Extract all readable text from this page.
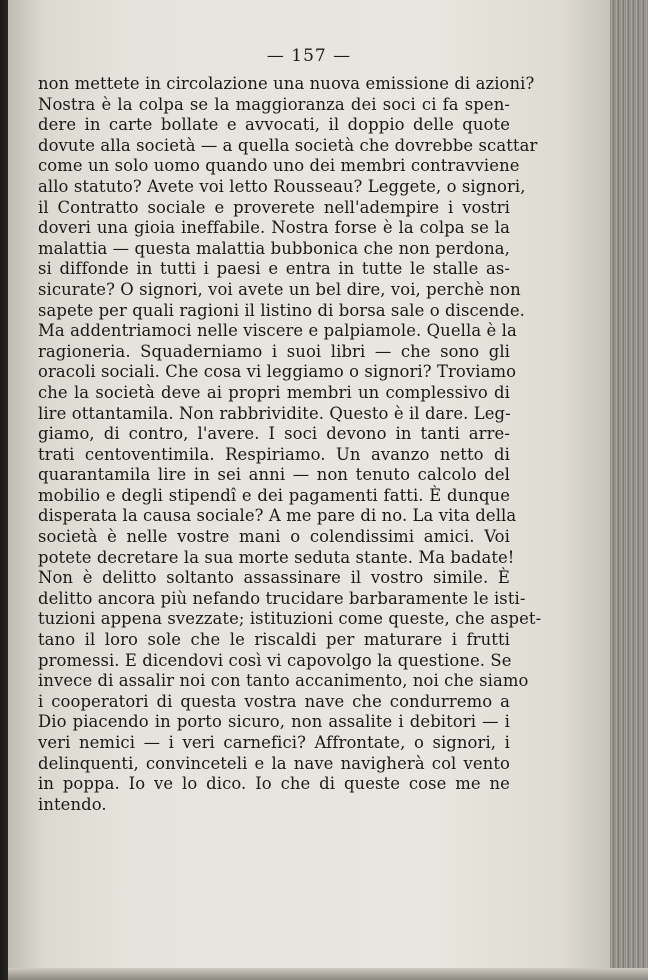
— 157 —
non mettete in circolazione una nuova emissione di azioni?
Nostra è la colpa se la maggioranza dei soci ci fa spen-
dere in carte bollate e avvocati, il doppio delle quote
dovute alla società — a quella società che dovrebbe scattar
come un solo uomo quando uno dei membri contravviene
allo statuto? Avete voi letto Rousseau? Leggete, o signori,
il Contratto sociale e proverete nell'adempire i vostri
doveri una gioia ineffabile. Nostra forse è la colpa se la
malattia — questa malattia bubbonica che non perdona,
si diffonde in tutti i paesi e entra in tutte le stalle as-
sicurate? O signori, voi avete un bel dire, voi, perchè non
sapete per quali ragioni il listino di borsa sale o discende.
Ma addentriamoci nelle viscere e palpiamole. Quella è la
ragioneria. Squaderniamo i suoi libri — che sono gli
oracoli sociali. Che cosa vi leggiamo o signori? Troviamo
che la società deve ai propri membri un complessivo di
lire ottantamila. Non rabbrividite. Questo è il dare. Leg-
giamo, di contro, l'avere. I soci devono in tanti arre-
trati centoventimila. Respiriamo. Un avanzo netto di
quarantamila lire in sei anni — non tenuto calcolo del
mobilio e degli stipendî e dei pagamenti fatti. È dunque
disperata la causa sociale? A me pare di no. La vita della
società è nelle vostre mani o colendissimi amici. Voi
potete decretare la sua morte seduta stante. Ma badate!
Non è delitto soltanto assassinare il vostro simile. È
delitto ancora più nefando trucidare barbaramente le isti-
tuzioni appena svezzate; istituzioni come queste, che aspet-
tano il loro sole che le riscaldi per maturare i frutti
promessi. E dicendovi così vi capovolgo la questione. Se
invece di assalir noi con tanto accanimento, noi che siamo
i cooperatori di questa vostra nave che condurremo a
Dio piacendo in porto sicuro, non assalite i debitori — i
veri nemici — i veri carnefici? Affrontate, o signori, i
delinquenti, convinceteli e la nave navigherà col vento
in poppa. Io ve lo dico. Io che di queste cose me ne
intendo.
